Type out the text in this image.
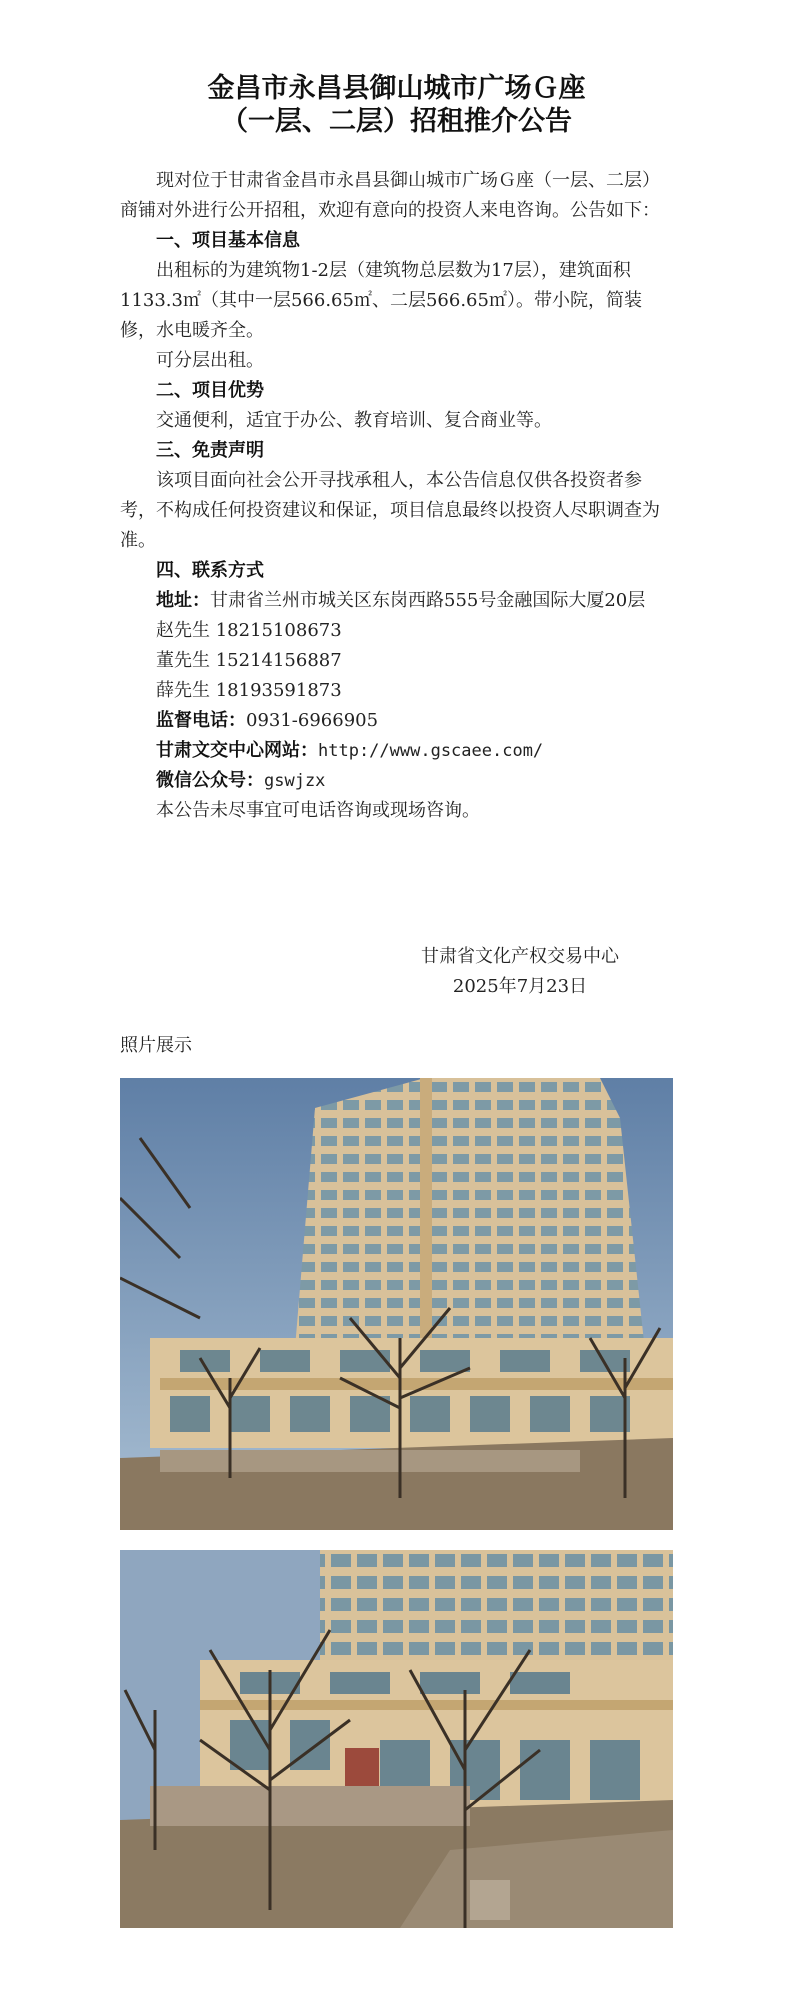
金昌市永昌县御山城市广场Ｇ座
（一层、二层）招租推介公告

现对位于甘肃省金昌市永昌县御山城市广场Ｇ座（一层、二层）商铺对外进行公开招租，欢迎有意向的投资人来电咨询。公告如下：

一、项目基本信息

出租标的为建筑物1-2层（建筑物总层数为17层），建筑面积1133.3㎡（其中一层566.65㎡、二层566.65㎡）。带小院，简装修，水电暖齐全。

可分层出租。

二、项目优势

交通便利，适宜于办公、教育培训、复合商业等。

三、免责声明

该项目面向社会公开寻找承租人，本公告信息仅供各投资者参考，不构成任何投资建议和保证，项目信息最终以投资人尽职调查为准。

四、联系方式

地址：甘肃省兰州市城关区东岗西路555号金融国际大厦20层

赵先生 18215108673

董先生 15214156887

薛先生 18193591873

监督电话：0931-6966905

甘肃文交中心网站：http://www.gscaee.com/

微信公众号：gswjzx

本公告未尽事宜可电话咨询或现场咨询。

甘肃省文化产权交易中心
2025年7月23日
照片展示
